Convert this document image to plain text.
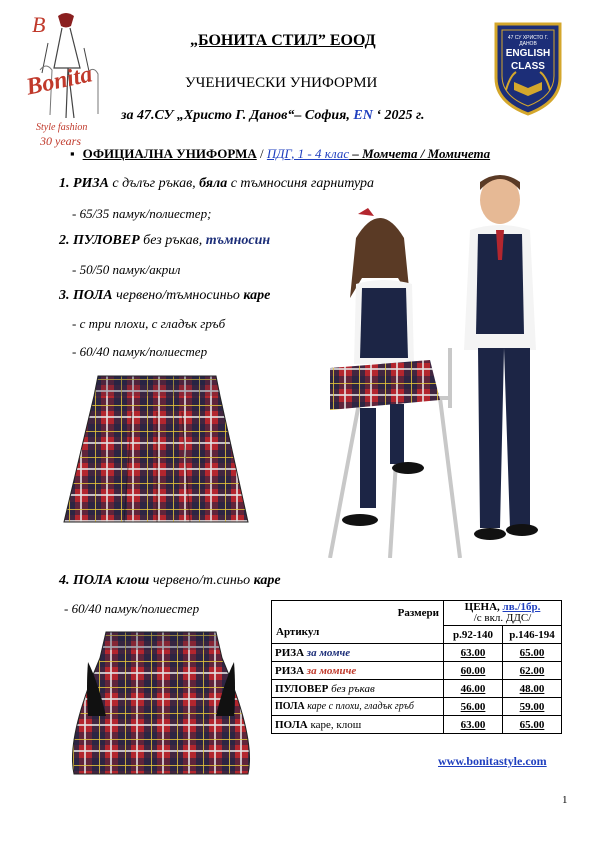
B
Bonita
Style fashion
30 years
47 СУ ХРИСТО Г. ДАНОВ
ENGLISH
CLASS
„БОНИТА СТИЛ” ЕООД
УЧЕНИЧЕСКИ УНИФОРМИ
за 47.СУ „Христо Г. Данов“– София, EN ‘ 2025 г.
▪ ОФИЦИАЛНА УНИФОРМА / ПДГ, 1 - 4 клас – Момчета / Момичета
1. РИЗА с дълъг ръкав, бяла с тъмносиня гарнитура
- 65/35 памук/полиестер;
2. ПУЛОВЕР без ръкав, тъмносин
- 50/50 памук/акрил
3. ПОЛА червено/тъмносиньо каре
- с три плохи, с гладък гръб
- 60/40 памук/полиестер
4. ПОЛА клош червено/т.синьо каре
- 60/40 памук/полиестер	Размери
Артикул	ЦЕНА, лв./1бр.
/с вкл. ДДС/	
	р.92-140	р.146-194
РИЗА за момче	63.00	65.00
РИЗА за момиче	60.00	62.00
ПУЛОВЕР без ръкав	46.00	48.00
ПОЛА каре с плохи, гладък гръб	56.00	59.00
ПОЛА каре, клош	63.00	65.00
www.bonitastyle.com
1
